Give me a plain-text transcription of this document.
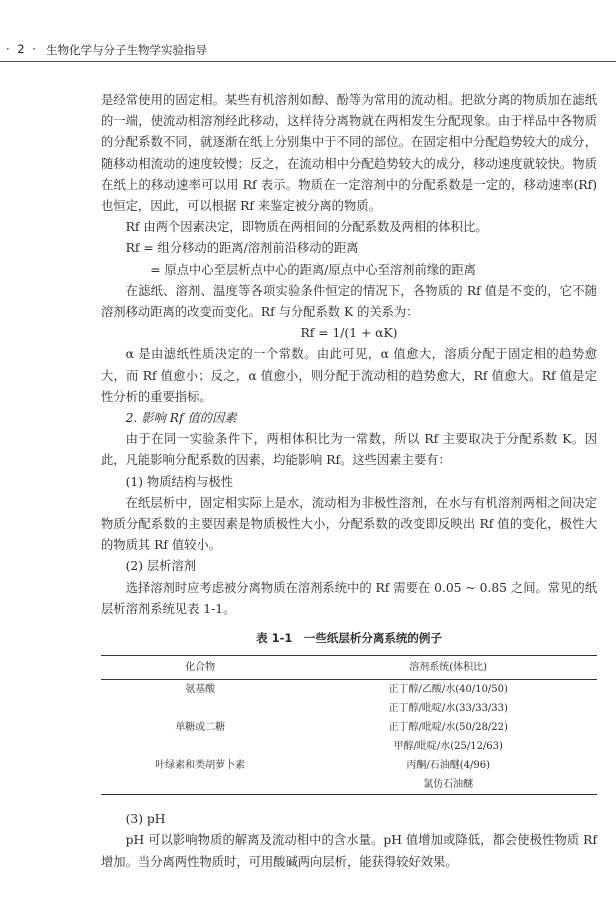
· 2 · 生物化学与分子生物学实验指导

是经常使用的固定相。某些有机溶剂如醇、酚等为常用的流动相。把欲分离的物质加在滤纸的一端，使流动相溶剂经此移动，这样待分离物就在两相发生分配现象。由于样品中各物质的分配系数不同，就逐渐在纸上分别集中于不同的部位。在固定相中分配趋势较大的成分，随移动相流动的速度较慢；反之，在流动相中分配趋势较大的成分，移动速度就较快。物质在纸上的移动速率可以用 Rf 表示。物质在一定溶剂中的分配系数是一定的，移动速率(Rf)也恒定，因此，可以根据 Rf 来鉴定被分离的物质。

Rf 由两个因素决定，即物质在两相间的分配系数及两相的体积比。

Rf = 组分移动的距离/溶剂前沿移动的距离

= 原点中心至层析点中心的距离/原点中心至溶剂前缘的距离

在滤纸、溶剂、温度等各项实验条件恒定的情况下，各物质的 Rf 值是不变的，它不随溶剂移动距离的改变而变化。Rf 与分配系数 K 的关系为：

Rf = 1/(1 + αK)

α 是由滤纸性质决定的一个常数。由此可见，α 值愈大，溶质分配于固定相的趋势愈大，而 Rf 值愈小；反之，α 值愈小，则分配于流动相的趋势愈大，Rf 值愈大。Rf 值是定性分析的重要指标。

2. 影响 Rf 值的因素

由于在同一实验条件下，两相体积比为一常数，所以 Rf 主要取决于分配系数 K。因此，凡能影响分配系数的因素，均能影响 Rf。这些因素主要有：

(1) 物质结构与极性

在纸层析中，固定相实际上是水，流动相为非极性溶剂，在水与有机溶剂两相之间决定物质分配系数的主要因素是物质极性大小，分配系数的改变即反映出 Rf 值的变化，极性大的物质其 Rf 值较小。

(2) 层析溶剂

选择溶剂时应考虑被分离物质在溶剂系统中的 Rf 需要在 0.05 ~ 0.85 之间。常见的纸层析溶剂系统见表 1-1。

表 1-1　一些纸层析分离系统的例子
化合物	溶剂系统(体积比)
氨基酸	正丁醇/乙酸/水(40/10/50)
	正丁醇/吡啶/水(33/33/33)
单糖或二糖	正丁醇/吡啶/水(50/28/22)
	甲醇/吡啶/水(25/12/63)
叶绿素和类胡萝卜素	丙酮/石油醚(4/96)
	氯仿石油醚

(3) pH

pH 可以影响物质的解离及流动相中的含水量。pH 值增加或降低，都会使极性物质 Rf 增加。当分离两性物质时，可用酸碱两向层析，能获得较好效果。
